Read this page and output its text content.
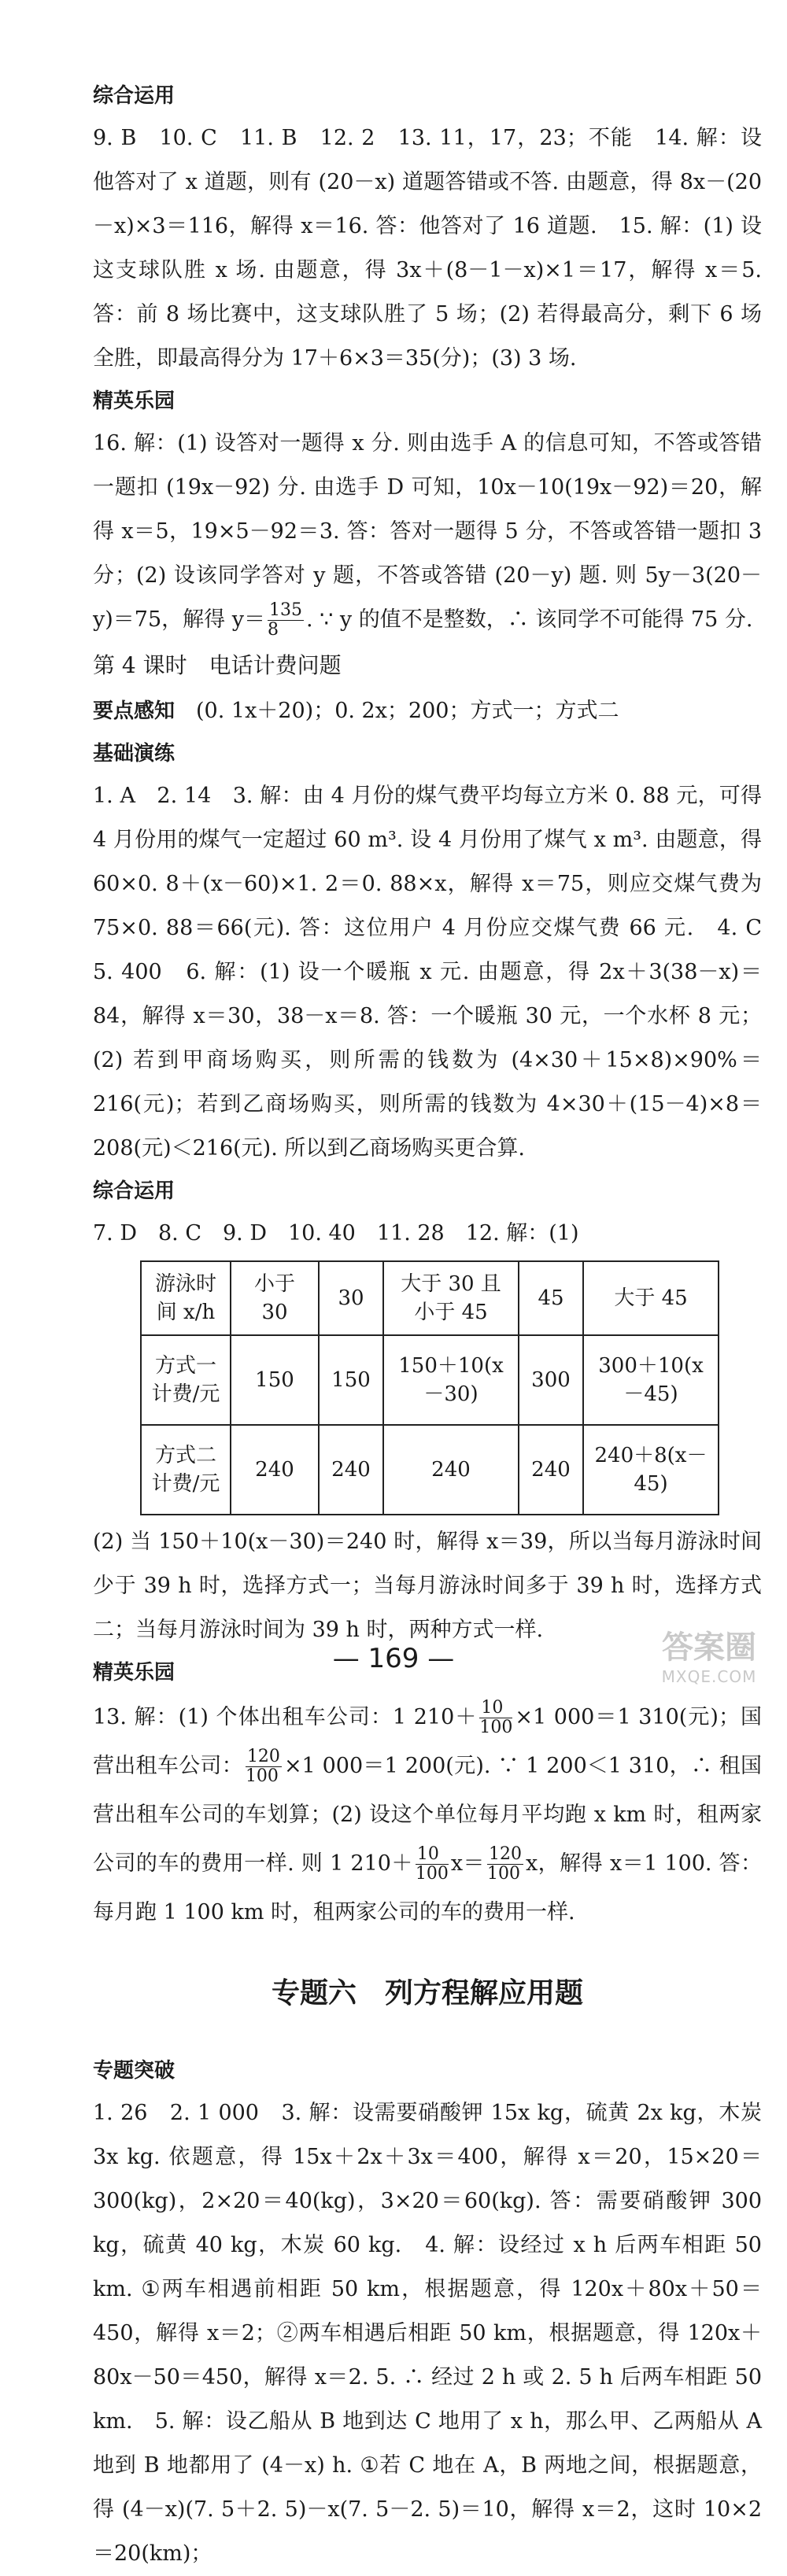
综合运用

9. B　10. C　11. B　12. 2　13. 11，17，23；不能　14. 解：设他答对了 x 道题，则有 (20－x) 道题答错或不答. 由题意，得 8x－(20－x)×3＝116，解得 x＝16. 答：他答对了 16 道题.　15. 解：(1) 设这支球队胜 x 场. 由题意，得 3x＋(8－1－x)×1＝17，解得 x＝5. 答：前 8 场比赛中，这支球队胜了 5 场；(2) 若得最高分，剩下 6 场全胜，即最高得分为 17＋6×3＝35(分)；(3) 3 场.

精英乐园

16. 解：(1) 设答对一题得 x 分. 则由选手 A 的信息可知，不答或答错一题扣 (19x－92) 分. 由选手 D 可知，10x－10(19x－92)＝20，解得 x＝5，19×5－92＝3. 答：答对一题得 5 分，不答或答错一题扣 3 分；(2) 设该同学答对 y 题，不答或答错 (20－y) 题. 则 5y－3(20－y)＝75，解得 $y= \frac{135}{8}$ . ∵ y 的值不是整数，∴ 该同学不可能得 75 分.

第 4 课时　电话计费问题

要点感知　 (0. 1x＋20)；0. 2x；200；方式一；方式二

基础演练

1. A　2. 14　3. 解：由 4 月份的煤气费平均每立方米 0. 88 元，可得 4 月份用的煤气一定超过 60 m³. 设 4 月份用了煤气 x m³. 由题意，得 60×0. 8＋(x－60)×1. 2＝0. 88×x，解得 x＝75，则应交煤气费为 75×0. 88＝66(元). 答：这位用户 4 月份应交煤气费 66 元.　4. C　5. 400　6. 解：(1) 设一个暖瓶 x 元. 由题意，得 2x＋3(38－x)＝84，解得 x＝30，38－x＝8. 答：一个暖瓶 30 元，一个水杯 8 元；(2) 若到甲商场购买，则所需的钱数为 (4×30＋15×8)×90%＝216(元)；若到乙商场购买，则所需的钱数为 4×30＋(15－4)×8＝208(元)＜216(元). 所以到乙商场购买更合算.

综合运用

7. D　8. C　9. D　10. 40　11. 28　12. 解：(1)

游泳时间 x/h	小于 30	30	大于 30 且小于 45	45	大于 45
方式一计费/元	150	150	150＋10(x－30)	300	300＋10(x－45)
方式二计费/元	240	240	240	240	240＋8(x－45)

(2) 当 150＋10(x－30)＝240 时，解得 x＝39，所以当每月游泳时间少于 39 h 时，选择方式一；当每月游泳时间多于 39 h 时，选择方式二；当每月游泳时间为 39 h 时，两种方式一样.

精英乐园

13. 解：(1) 个体出租车公司：1 $210+ \frac{10}{100} \times 1$ 000＝1 310(元)；国营出租车公司： $\frac{120}{100} \times 1$ 000＝1 200(元). ∵ 1 200＜1 310，∴ 租国营出租车公司的车划算；(2) 设这个单位每月平均跑 x km 时，租两家公司的车的费用一样. 则 1 $210+ \frac{10}{100} x= \frac{120}{100}$ x，解得 x＝1 100. 答：每月跑 1 100 km 时，租两家公司的车的费用一样.

专题六　列方程解应用题

专题突破

1. 26　2. 1 000　3. 解：设需要硝酸钾 15x kg，硫黄 2x kg，木炭 3x kg. 依题意，得 15x＋2x＋3x＝400，解得 x＝20，15×20＝300(kg)，2×20＝40(kg)，3×20＝60(kg). 答：需要硝酸钾 300 kg，硫黄 40 kg，木炭 60 kg.　4. 解：设经过 x h 后两车相距 50 km. ①两车相遇前相距 50 km，根据题意，得 120x＋80x＋50＝450，解得 x＝2；②两车相遇后相距 50 km，根据题意，得 120x＋80x－50＝450，解得 x＝2. 5. ∴ 经过 2 h 或 2. 5 h 后两车相距 50 km.　5. 解：设乙船从 B 地到达 C 地用了 x h，那么甲、乙两船从 A 地到 B 地都用了 (4－x) h. ①若 C 地在 A，B 两地之间，根据题意，得 (4－x)(7. 5＋2. 5)－x(7. 5－2. 5)＝10，解得 x＝2，这时 10×2＝20(km)；

— 169 —	答案圈
MXQE.COM
